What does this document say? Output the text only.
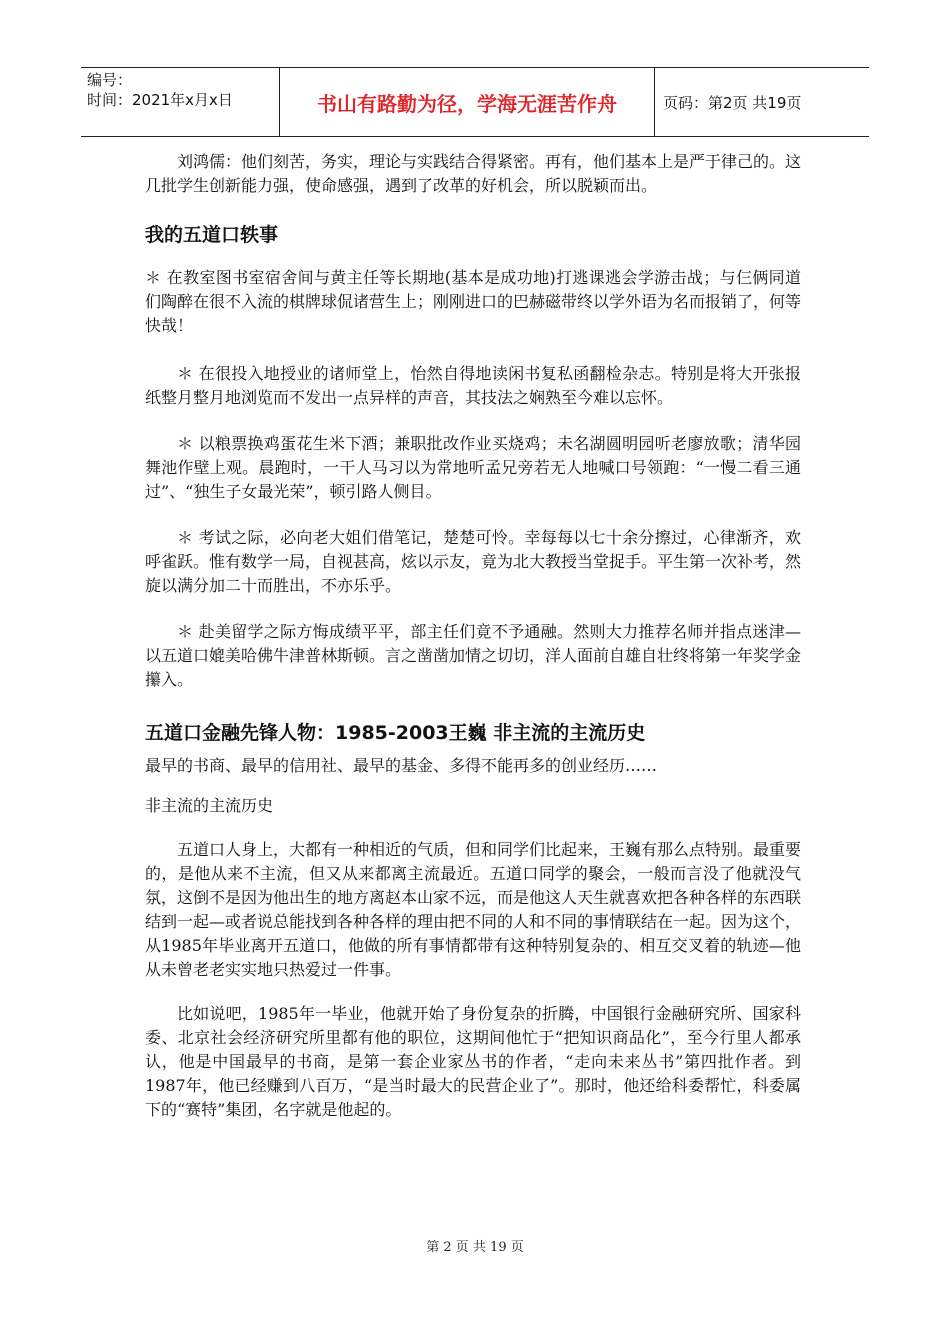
编号：
时间：2021年x月x日	书山有路勤为径，学海无涯苦作舟	页码：第2页 共19页

刘鸿儒：他们刻苦，务实，理论与实践结合得紧密。再有，他们基本上是严于律己的。这几批学生创新能力强，使命感强，遇到了改革的好机会，所以脱颖而出。

我的五道口轶事

＊ 在教室图书室宿舍间与黄主任等长期地(基本是成功地)打逃课逃会学游击战；与仨俩同道们陶醉在很不入流的棋牌球侃诸营生上；刚刚进口的巴赫磁带终以学外语为名而报销了，何等快哉！

＊ 在很投入地授业的诸师堂上，怡然自得地读闲书复私函翻检杂志。特别是将大开张报纸整月整月地浏览而不发出一点异样的声音，其技法之娴熟至今难以忘怀。

＊ 以粮票换鸡蛋花生米下酒；兼职批改作业买烧鸡；未名湖圆明园听老廖放歌；清华园舞池作壁上观。晨跑时，一干人马习以为常地听孟兄旁若无人地喊口号领跑：“一慢二看三通过”、“独生子女最光荣”，顿引路人侧目。

＊ 考试之际，必向老大姐们借笔记，楚楚可怜。幸每每以七十余分擦过，心律渐齐，欢呼雀跃。惟有数学一局，自视甚高，炫以示友，竟为北大教授当堂捉手。平生第一次补考，然旋以满分加二十而胜出，不亦乐乎。

＊ 赴美留学之际方悔成绩平平，部主任们竟不予通融。然则大力推荐名师并指点迷津—以五道口媲美哈佛牛津普林斯顿。言之凿凿加情之切切，洋人面前自雄自壮终将第一年奖学金攥入。

五道口金融先锋人物：1985-2003王巍 非主流的主流历史

最早的书商、最早的信用社、最早的基金、多得不能再多的创业经历……

非主流的主流历史

五道口人身上，大都有一种相近的气质，但和同学们比起来，王巍有那么点特别。最重要的，是他从来不主流，但又从来都离主流最近。五道口同学的聚会，一般而言没了他就没气氛，这倒不是因为他出生的地方离赵本山家不远，而是他这人天生就喜欢把各种各样的东西联结到一起—或者说总能找到各种各样的理由把不同的人和不同的事情联结在一起。因为这个，从1985年毕业离开五道口，他做的所有事情都带有这种特别复杂的、相互交叉着的轨迹—他从未曾老老实实地只热爱过一件事。

比如说吧，1985年一毕业，他就开始了身份复杂的折腾，中国银行金融研究所、国家科委、北京社会经济研究所里都有他的职位，这期间他忙于“把知识商品化”，至今行里人都承认，他是中国最早的书商，是第一套企业家丛书的作者，“走向未来丛书”第四批作者。到1987年，他已经赚到八百万，“是当时最大的民营企业了”。那时，他还给科委帮忙，科委属下的“赛特”集团，名字就是他起的。

第 2 页 共 19 页
